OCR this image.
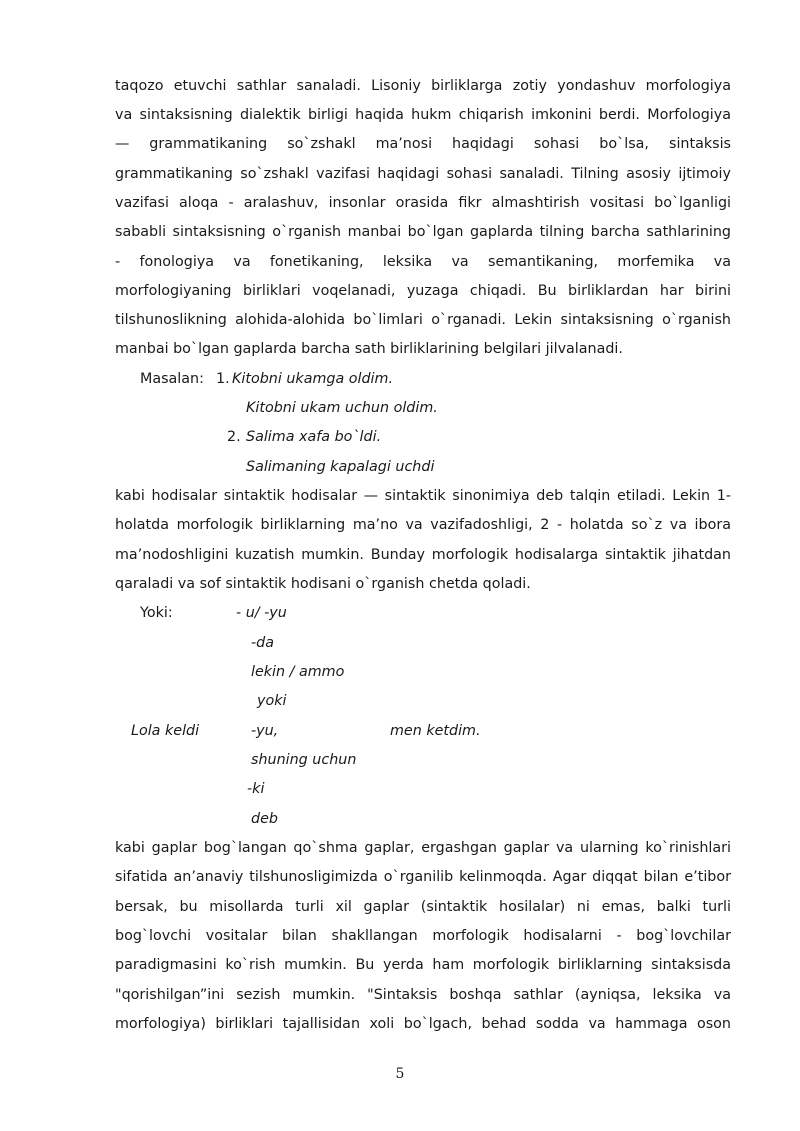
taqozo etuvchi sathlar sanaladi. Lisoniy birliklarga zotiy yondashuv morfologiya
va sintaksisning dialektik birligi haqida hukm chiqarish imkonini berdi. Morfologiya
— grammatikaning so`zshakl ma’nosi haqidagi sohasi bo`lsa, sintaksis
grammatikaning so`zshakl vazifasi haqidagi sohasi sanaladi. Tilning asosiy ijtimoiy
vazifasi aloqa - aralashuv, insonlar orasida fikr almashtirish vositasi bo`lganligi
sababli sintaksisning o`rganish manbai bo`lgan gaplarda tilning barcha sathlarining
- fonologiya va fonetikaning, leksika va semantikaning, morfemika va
morfologiyaning birliklari voqelanadi, yuzaga chiqadi. Bu birliklardan har birini
tilshunoslikning alohida-alohida bo`limlari o`rganadi. Lekin sintaksisning o`rganish
manbai bo`lgan gaplarda barcha sath birliklarining belgilari jilvalanadi.
Masalan: 1. Kitobni ukamga oldim.
Kitobni ukam uchun oldim.
2. Salima xafa bo`ldi.
Salimaning kapalagi uchdi
kabi hodisalar sintaktik hodisalar — sintaktik sinonimiya deb talqin etiladi. Lekin 1-
holatda morfologik birliklarning ma’no va vazifadoshligi, 2 - holatda so`z va ibora
ma’nodoshligini kuzatish mumkin. Bunday morfologik hodisalarga sintaktik jihatdan
qaraladi va sof sintaktik hodisani o`rganish chetda qoladi.
Yoki:	- u/ -yu
-da
lekin / ammo
yoki
Lola keldi	-yu,	men ketdim.
shuning uchun
-ki
deb
kabi gaplar bog`langan qo`shma gaplar, ergashgan gaplar va ularning ko`rinishlari
sifatida an’anaviy tilshunosligimizda o`rganilib kelinmoqda. Agar diqqat bilan e’tibor
bersak, bu misollarda turli xil gaplar (sintaktik hosilalar) ni emas, balki turli
bog`lovchi vositalar bilan shakllangan morfologik hodisalarni - bog`lovchilar
paradigmasini ko`rish mumkin. Bu yerda ham morfologik birliklarning sintaksisda
"qorishilgan”ini sezish mumkin. "Sintaksis boshqa sathlar (ayniqsa, leksika va
morfologiya) birliklari tajallisidan xoli bo`lgach, behad sodda va hammaga oson
5
